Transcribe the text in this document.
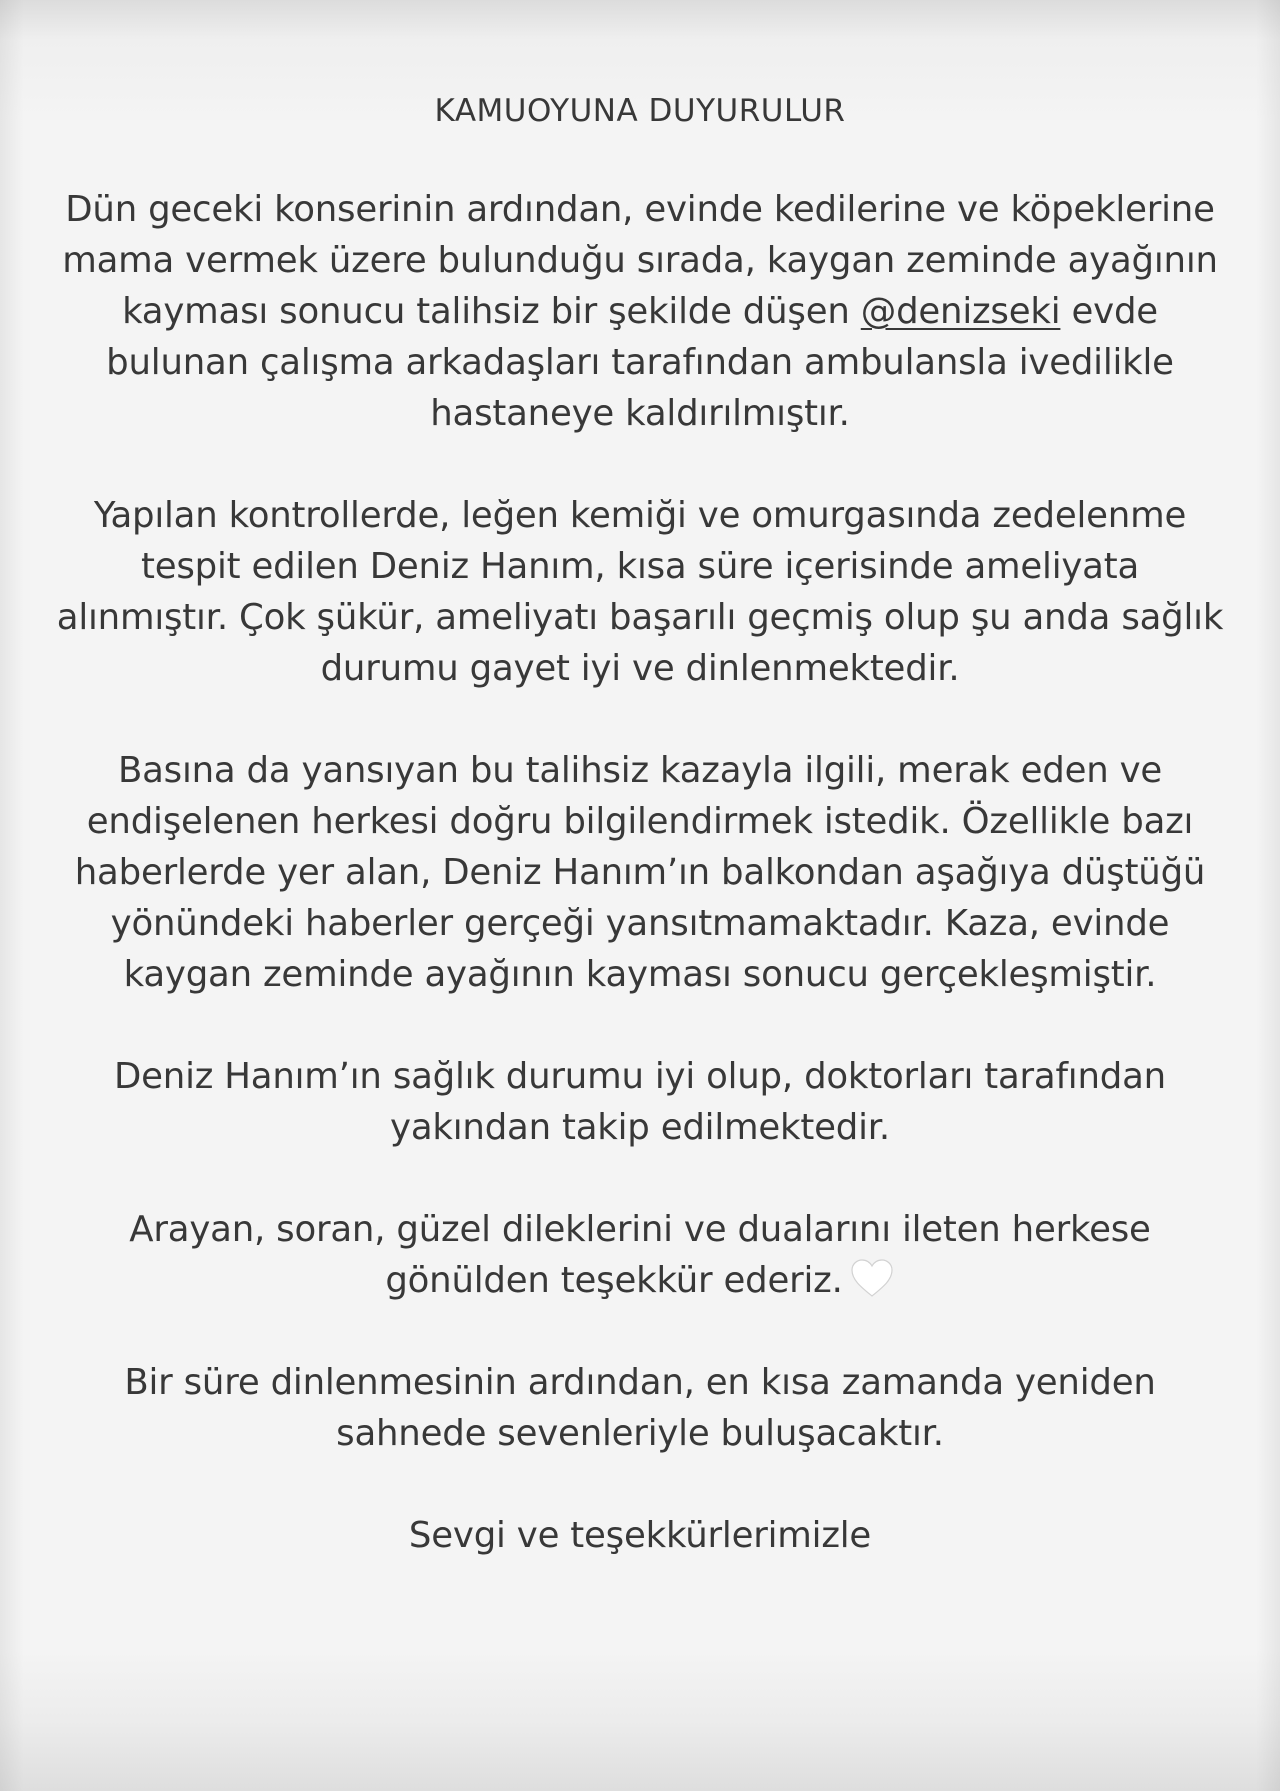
KAMUOYUNA DUYURULUR

Dün geceki konserinin ardından, evinde kedilerine ve köpeklerine mama vermek üzere bulunduğu sırada, kaygan zeminde ayağının kayması sonucu talihsiz bir şekilde düşen @denizseki evde bulunan çalışma arkadaşları tarafından ambulansla ivedilikle hastaneye kaldırılmıştır.

Yapılan kontrollerde, leğen kemiği ve omurgasında zedelenme tespit edilen Deniz Hanım, kısa süre içerisinde ameliyata alınmıştır. Çok şükür, ameliyatı başarılı geçmiş olup şu anda sağlık durumu gayet iyi ve dinlenmektedir.

Basına da yansıyan bu talihsiz kazayla ilgili, merak eden ve endişelenen herkesi doğru bilgilendirmek istedik. Özellikle bazı haberlerde yer alan, Deniz Hanım’ın balkondan aşağıya düştüğü yönündeki haberler gerçeği yansıtmamaktadır. Kaza, evinde kaygan zeminde ayağının kayması sonucu gerçekleşmiştir.

Deniz Hanım’ın sağlık durumu iyi olup, doktorları tarafından yakından takip edilmektedir.

Arayan, soran, güzel dileklerini ve dualarını ileten herkese gönülden teşekkür ederiz.

Bir süre dinlenmesinin ardından, en kısa zamanda yeniden sahnede sevenleriyle buluşacaktır.

Sevgi ve teşekkürlerimizle
